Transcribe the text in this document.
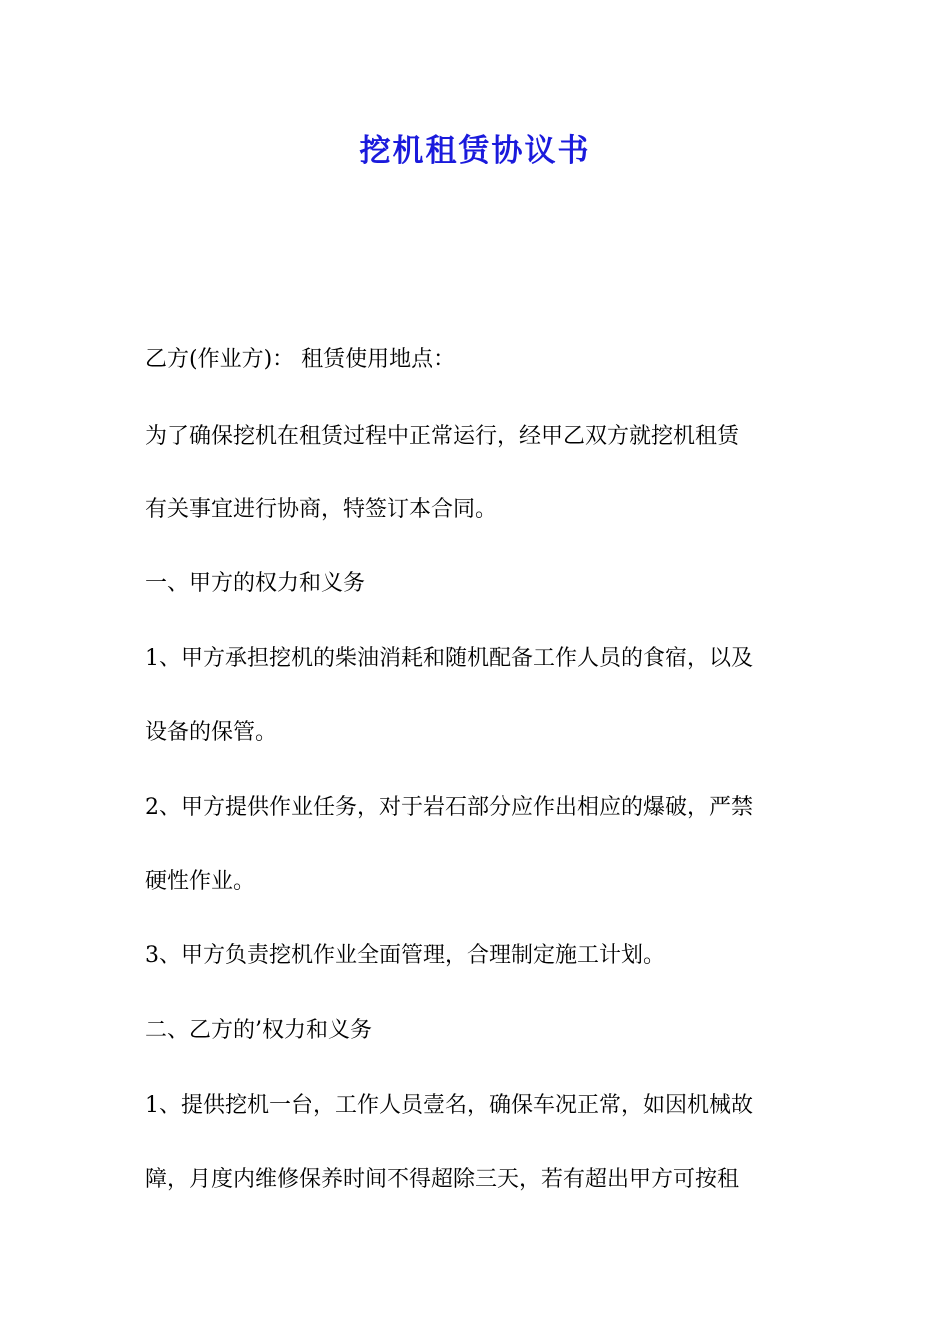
挖机租赁协议书

乙方(作业方)： 租赁使用地点：

为了确保挖机在租赁过程中正常运行，经甲乙双方就挖机租赁

有关事宜进行协商，特签订本合同。

一、甲方的权力和义务

1、甲方承担挖机的柴油消耗和随机配备工作人员的食宿，以及

设备的保管。

2、甲方提供作业任务，对于岩石部分应作出相应的爆破，严禁

硬性作业。

3、甲方负责挖机作业全面管理，合理制定施工计划。

二、乙方的’权力和义务

1、提供挖机一台，工作人员壹名，确保车况正常，如因机械故

障，月度内维修保养时间不得超除三天，若有超出甲方可按租
